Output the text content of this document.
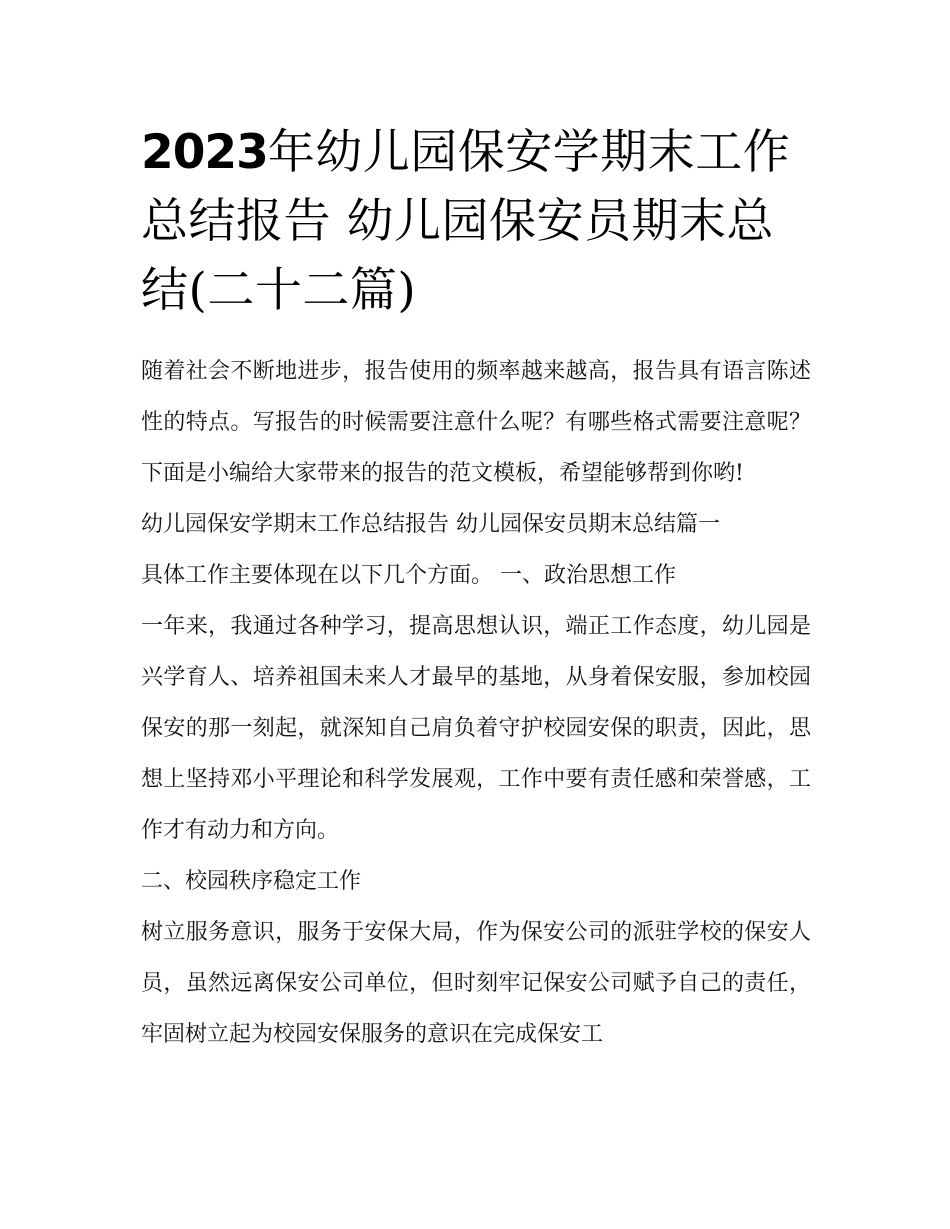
2023年幼儿园保安学期末工作总结报告 幼儿园保安员期末总结(二十二篇)

随着社会不断地进步，报告使用的频率越来越高，报告具有语言陈述性的特点。写报告的时候需要注意什么呢？有哪些格式需要注意呢？下面是小编给大家带来的报告的范文模板，希望能够帮到你哟!

幼儿园保安学期末工作总结报告 幼儿园保安员期末总结篇一

具体工作主要体现在以下几个方面。 一、政治思想工作

一年来，我通过各种学习，提高思想认识，端正工作态度，幼儿园是兴学育人、培养祖国未来人才最早的基地，从身着保安服，参加校园保安的那一刻起，就深知自己肩负着守护校园安保的职责，因此，思想上坚持邓小平理论和科学发展观，工作中要有责任感和荣誉感，工作才有动力和方向。

二、校园秩序稳定工作

树立服务意识，服务于安保大局，作为保安公司的派驻学校的保安人员，虽然远离保安公司单位，但时刻牢记保安公司赋予自己的责任，牢固树立起为校园安保服务的意识在完成保安工
